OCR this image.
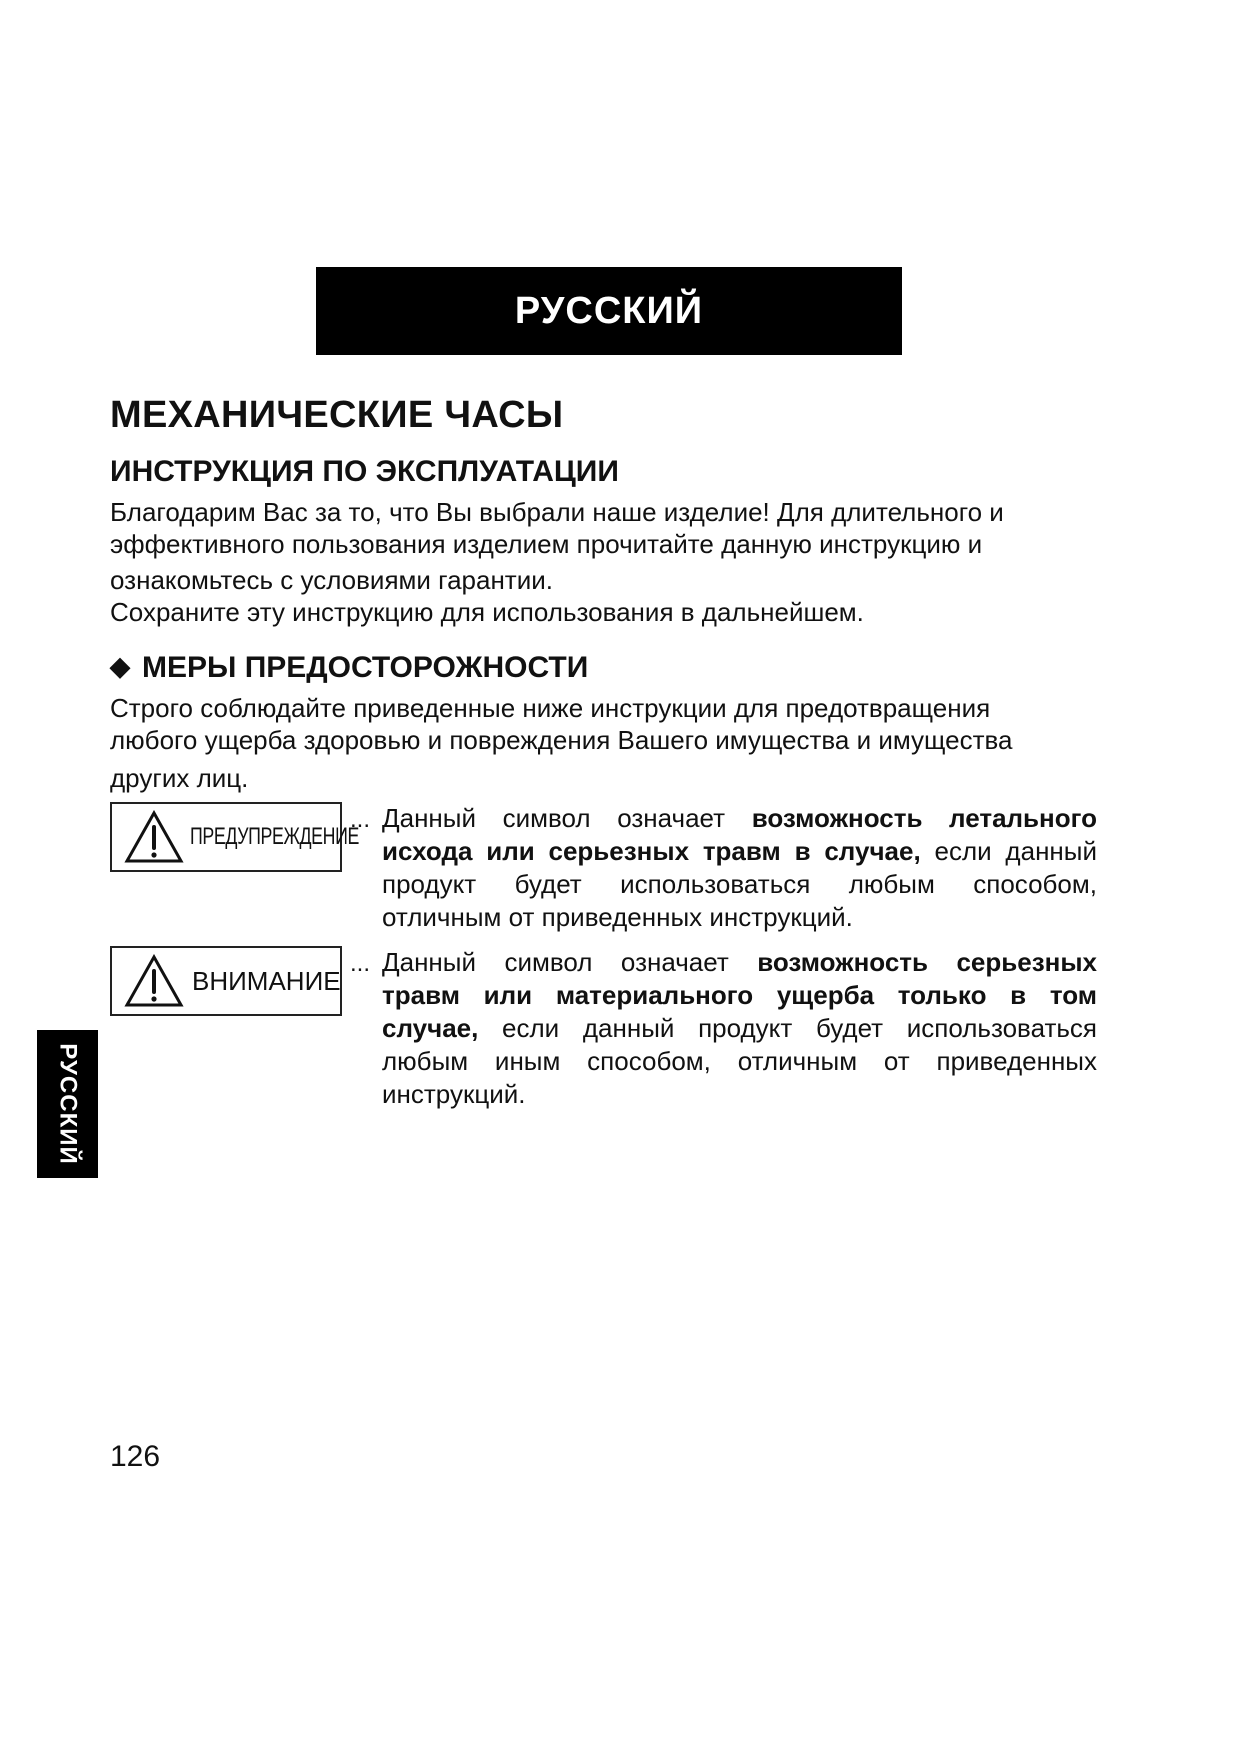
РУССКИЙ
РУССКИЙ
МЕХАНИЧЕСКИЕ ЧАСЫ
ИНСТРУКЦИЯ ПО ЭКСПЛУАТАЦИИ

Благодарим Вас за то, что Вы выбрали наше изделие! Для длительного и
эффективного пользования изделием прочитайте данную инструкцию и
ознакомьтесь с условиями гарантии.
Сохраните эту инструкцию для использования в дальнейшем.

◆ МЕРЫ ПРЕДОСТОРОЖНОСТИ

Строго соблюдайте приведенные ниже инструкции для предотвращения
любого ущерба здоровью и повреждения Вашего имущества и имущества
других лиц.

ПРЕДУПРЕЖДЕНИЕ
... Данный символ означает возможность летального исхода или серьезных травм в случае, если данный продукт будет использоваться любым способом, отличным от приведенных инструкций.
ВНИМАНИЕ
... Данный символ означает возможность серьезных травм или материального ущерба только в том случае, если данный продукт будет использоваться любым иным способом, отличным от приведенных инструкций.
126
